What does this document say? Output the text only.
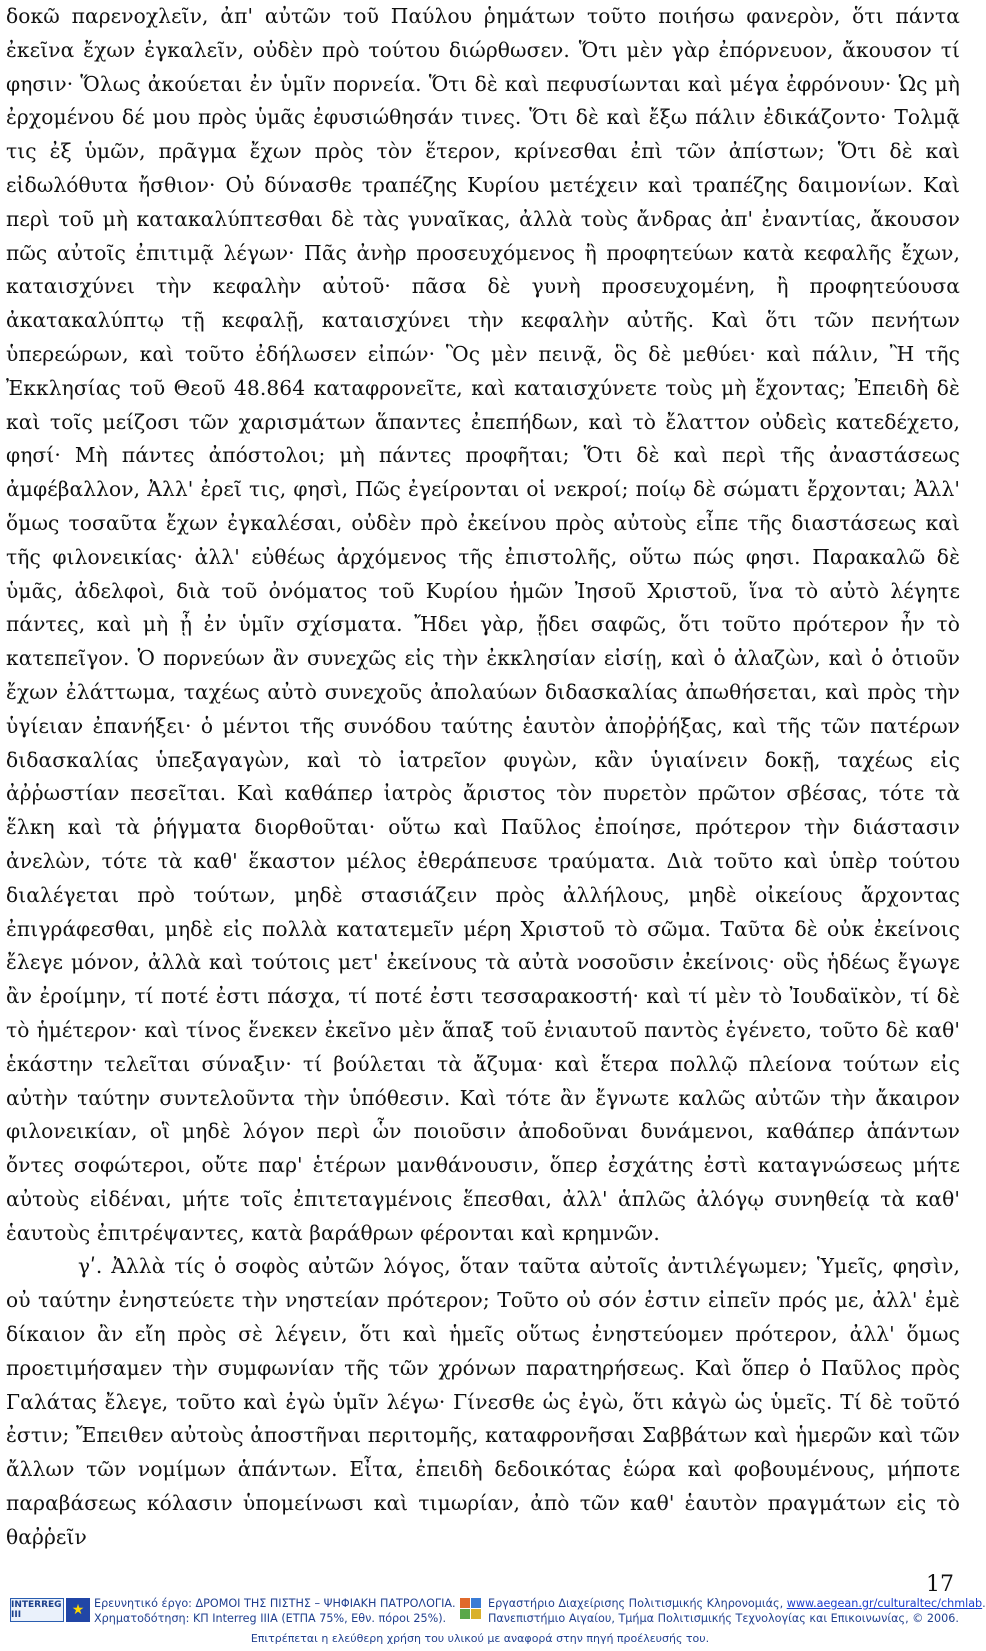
δοκῶ παρενοχλεῖν, ἀπ' αὐτῶν τοῦ Παύλου ῥημάτων τοῦτο ποιήσω φανερὸν, ὅτι πάντα ἐκεῖνα ἔχων ἐγκαλεῖν, οὐδὲν πρὸ τούτου διώρθωσεν. Ὅτι μὲν γὰρ ἐπόρνευον, ἄκουσον τί φησιν· Ὅλως ἀκούεται ἐν ὑμῖν πορνεία. Ὅτι δὲ καὶ πεφυσίωνται καὶ μέγα ἐφρόνουν· Ὡς μὴ ἐρχομένου δέ μου πρὸς ὑμᾶς ἐφυσιώθησάν τινες. Ὅτι δὲ καὶ ἔξω πάλιν ἐδικάζοντο· Τολμᾷ τις ἐξ ὑμῶν, πρᾶγμα ἔχων πρὸς τὸν ἕτερον, κρίνεσθαι ἐπὶ τῶν ἀπίστων; Ὅτι δὲ καὶ εἰδωλόθυτα ἤσθιον· Οὐ δύνασθε τραπέζης Κυρίου μετέχειν καὶ τραπέζης δαιμονίων. Καὶ περὶ τοῦ μὴ κατακαλύπτεσθαι δὲ τὰς γυναῖκας, ἀλλὰ τοὺς ἄνδρας ἀπ' ἐναντίας, ἄκουσον πῶς αὐτοῖς ἐπιτιμᾷ λέγων· Πᾶς ἀνὴρ προσευχόμενος ἢ προφητεύων κατὰ κεφαλῆς ἔχων, καταισχύνει τὴν κεφαλὴν αὐτοῦ· πᾶσα δὲ γυνὴ προσευχομένη, ἢ προφητεύουσα ἀκατακαλύπτῳ τῇ κεφαλῇ, καταισχύνει τὴν κεφαλὴν αὐτῆς. Καὶ ὅτι τῶν πενήτων ὑπερεώρων, καὶ τοῦτο ἐδήλωσεν εἰπών· Ὃς μὲν πεινᾷ, ὃς δὲ μεθύει· καὶ πάλιν, Ἢ τῆς Ἐκκλησίας τοῦ Θεοῦ 48.864 καταφρονεῖτε, καὶ καταισχύνετε τοὺς μὴ ἔχοντας; Ἐπειδὴ δὲ καὶ τοῖς μείζοσι τῶν χαρισμάτων ἅπαντες ἐπεπήδων, καὶ τὸ ἔλαττον οὐδεὶς κατεδέχετο, φησί· Μὴ πάντες ἀπόστολοι; μὴ πάντες προφῆται; Ὅτι δὲ καὶ περὶ τῆς ἀναστάσεως ἀμφέβαλλον, Ἀλλ' ἐρεῖ τις, φησὶ, Πῶς ἐγείρονται οἱ νεκροί; ποίῳ δὲ σώματι ἔρχονται; Ἀλλ' ὅμως τοσαῦτα ἔχων ἐγκαλέσαι, οὐδὲν πρὸ ἐκείνου πρὸς αὐτοὺς εἶπε τῆς διαστάσεως καὶ τῆς φιλονεικίας· ἀλλ' εὐθέως ἀρχόμενος τῆς ἐπιστολῆς, οὕτω πώς φησι. Παρακαλῶ δὲ ὑμᾶς, ἀδελφοὶ, διὰ τοῦ ὀνόματος τοῦ Κυρίου ἡμῶν Ἰησοῦ Χριστοῦ, ἵνα τὸ αὐτὸ λέγητε πάντες, καὶ μὴ ᾖ ἐν ὑμῖν σχίσματα. Ἤδει γὰρ, ᾔδει σαφῶς, ὅτι τοῦτο πρότερον ἦν τὸ κατεπεῖγον. Ὁ πορνεύων ἂν συνεχῶς εἰς τὴν ἐκκλησίαν εἰσίῃ, καὶ ὁ ἀλαζὼν, καὶ ὁ ὁτιοῦν ἔχων ἐλάττωμα, ταχέως αὐτὸ συνεχοῦς ἀπολαύων διδασκαλίας ἀπωθήσεται, καὶ πρὸς τὴν ὑγίειαν ἐπανήξει· ὁ μέντοι τῆς συνόδου ταύτης ἑαυτὸν ἀποῤῥήξας, καὶ τῆς τῶν πατέρων διδασκαλίας ὑπεξαγαγὼν, καὶ τὸ ἰατρεῖον φυγὼν, κἂν ὑγιαίνειν δοκῇ, ταχέως εἰς ἀῤῥωστίαν πεσεῖται. Καὶ καθάπερ ἰατρὸς ἄριστος τὸν πυρετὸν πρῶτον σβέσας, τότε τὰ ἕλκη καὶ τὰ ῥήγματα διορθοῦται· οὕτω καὶ Παῦλος ἐποίησε, πρότερον τὴν διάστασιν ἀνελὼν, τότε τὰ καθ' ἕκαστον μέλος ἐθεράπευσε τραύματα. Διὰ τοῦτο καὶ ὑπὲρ τούτου διαλέγεται πρὸ τούτων, μηδὲ στασιάζειν πρὸς ἀλλήλους, μηδὲ οἰκείους ἄρχοντας ἐπιγράφεσθαι, μηδὲ εἰς πολλὰ κατατεμεῖν μέρη Χριστοῦ τὸ σῶμα. Ταῦτα δὲ οὐκ ἐκείνοις ἔλεγε μόνον, ἀλλὰ καὶ τούτοις μετ' ἐκείνους τὰ αὐτὰ νοσοῦσιν ἐκείνοις· οὓς ἡδέως ἔγωγε ἂν ἐροίμην, τί ποτέ ἐστι πάσχα, τί ποτέ ἐστι τεσσαρακοστή· καὶ τί μὲν τὸ Ἰουδαϊκὸν, τί δὲ τὸ ἡμέτερον· καὶ τίνος ἕνεκεν ἐκεῖνο μὲν ἅπαξ τοῦ ἐνιαυτοῦ παντὸς ἐγένετο, τοῦτο δὲ καθ' ἑκάστην τελεῖται σύναξιν· τί βούλεται τὰ ἄζυμα· καὶ ἕτερα πολλῷ πλείονα τούτων εἰς αὐτὴν ταύτην συντελοῦντα τὴν ὑπόθεσιν. Καὶ τότε ἂν ἔγνωτε καλῶς αὐτῶν τὴν ἄκαιρον φιλονεικίαν, οἳ μηδὲ λόγον περὶ ὧν ποιοῦσιν ἀποδοῦναι δυνάμενοι, καθάπερ ἁπάντων ὄντες σοφώτεροι, οὔτε παρ' ἑτέρων μανθάνουσιν, ὅπερ ἐσχάτης ἐστὶ καταγνώσεως μήτε αὐτοὺς εἰδέναι, μήτε τοῖς ἐπιτεταγμένοις ἕπεσθαι, ἀλλ' ἁπλῶς ἀλόγῳ συνηθείᾳ τὰ καθ' ἑαυτοὺς ἐπιτρέψαντες, κατὰ βαράθρων φέρονται καὶ κρημνῶν.

γʹ. Ἀλλὰ τίς ὁ σοφὸς αὐτῶν λόγος, ὅταν ταῦτα αὐτοῖς ἀντιλέγωμεν; Ὑμεῖς, φησὶν, οὐ ταύτην ἐνηστεύετε τὴν νηστείαν πρότερον; Τοῦτο οὐ σόν ἐστιν εἰπεῖν πρός με, ἀλλ' ἐμὲ δίκαιον ἂν εἴη πρὸς σὲ λέγειν, ὅτι καὶ ἡμεῖς οὕτως ἐνηστεύομεν πρότερον, ἀλλ' ὅμως προετιμήσαμεν τὴν συμφωνίαν τῆς τῶν χρόνων παρατηρήσεως. Καὶ ὅπερ ὁ Παῦλος πρὸς Γαλάτας ἔλεγε, τοῦτο καὶ ἐγὼ ὑμῖν λέγω· Γίνεσθε ὡς ἐγὼ, ὅτι κἀγὼ ὡς ὑμεῖς. Τί δὲ τοῦτό ἐστιν; Ἔπειθεν αὐτοὺς ἀποστῆναι περιτομῆς, καταφρονῆσαι Σαββάτων καὶ ἡμερῶν καὶ τῶν ἄλλων τῶν νομίμων ἁπάντων. Εἶτα, ἐπειδὴ δεδοικότας ἑώρα καὶ φοβουμένους, μήποτε παραβάσεως κόλασιν ὑπομείνωσι καὶ τιμωρίαν, ἀπὸ τῶν καθ' ἑαυτὸν πραγμάτων εἰς τὸ θαῤῥεῖν

17
INTERREG III	★ Ερευνητικό έργο: ΔΡΟΜΟΙ ΤΗΣ ΠΙΣΤΗΣ – ΨΗΦΙΑΚΗ ΠΑΤΡΟΛΟΓΙΑ.
Χρηματοδότηση: ΚΠ Interreg IIIA (ΕΤΠΑ 75%, Εθν. πόροι 25%).
Εργαστήριο Διαχείρισης Πολιτισμικής Κληρονομιάς, www.aegean.gr/culturaltec/chmlab.
Πανεπιστήμιο Αιγαίου, Τμήμα Πολιτισμικής Τεχνολογίας και Επικοινωνίας, © 2006.
Επιτρέπεται η ελεύθερη χρήση του υλικού με αναφορά στην πηγή προέλευσής του.
